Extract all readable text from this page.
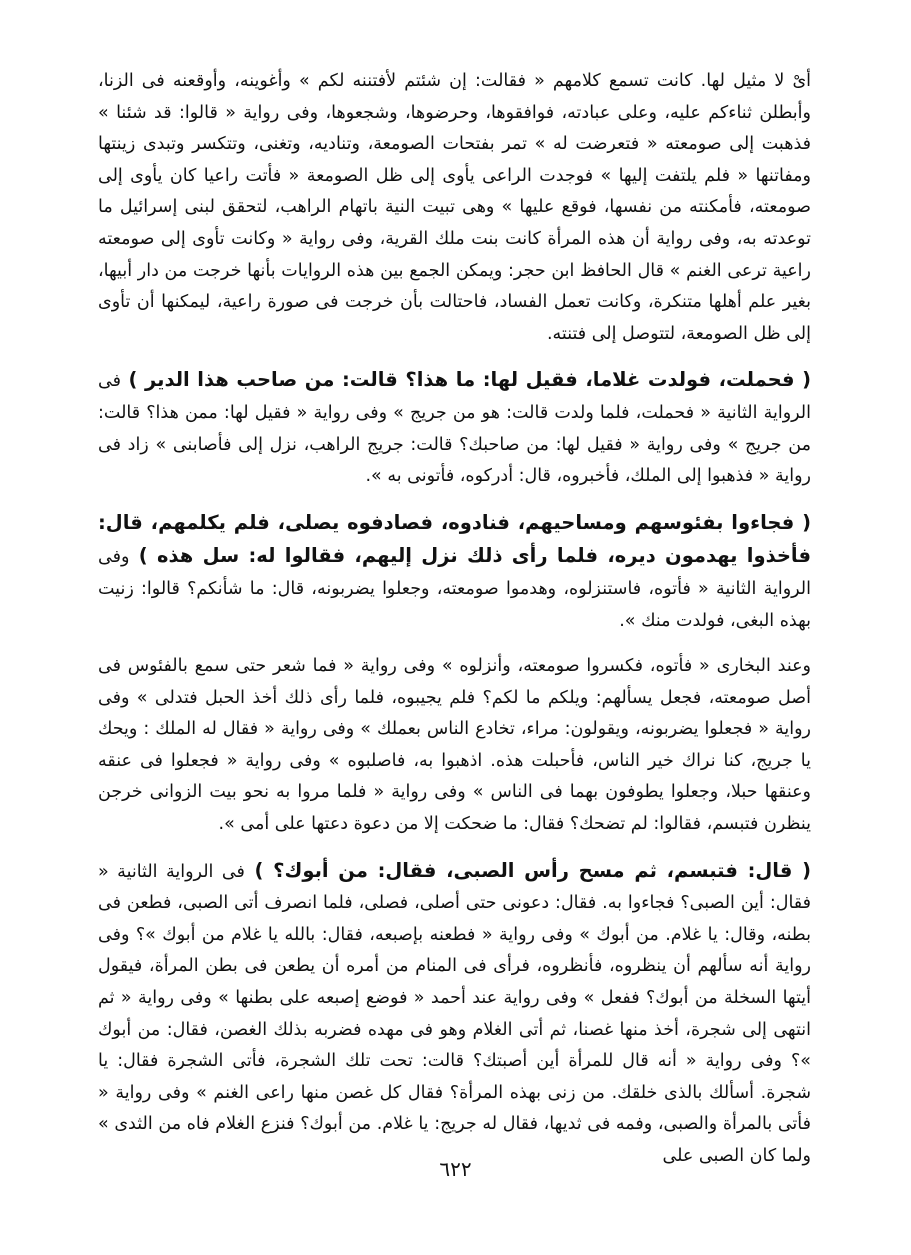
أىْ لا مثيل لها. كانت تسمع كلامهم « فقالت: إن شئتم لأفتننه لكم » وأغوينه، وأوقعنه فى الزنا، وأبطلن ثناءكم عليه، وعلى عبادته، فوافقوها، وحرضوها، وشجعوها، وفى رواية « قالوا: قد شئنا » فذهبت إلى صومعته « فتعرضت له » تمر بفتحات الصومعة، وتناديه، وتغنى، وتتكسر وتبدى زينتها ومفاتنها « فلم يلتفت إليها » فوجدت الراعى يأوى إلى ظل الصومعة « فأتت راعيا كان يأوى إلى صومعته، فأمكنته من نفسها، فوقع عليها » وهى تبيت النية باتهام الراهب، لتحقق لبنى إسرائيل ما توعدته به، وفى رواية أن هذه المرأة كانت بنت ملك القرية، وفى رواية « وكانت تأوى إلى صومعته راعية ترعى الغنم » قال الحافظ ابن حجر: ويمكن الجمع بين هذه الروايات بأنها خرجت من دار أبيها، بغير علم أهلها متنكرة، وكانت تعمل الفساد، فاحتالت بأن خرجت فى صورة راعية، ليمكنها أن تأوى إلى ظل الصومعة، لتتوصل إلى فتنته.

( فحملت، فولدت غلاما، فقيل لها: ما هذا؟ قالت: من صاحب هذا الدير ) فى الرواية الثانية « فحملت، فلما ولدت قالت: هو من جريج » وفى رواية « فقيل لها: ممن هذا؟ قالت: من جريج » وفى رواية « فقيل لها: من صاحبك؟ قالت: جريج الراهب، نزل إلى فأصابنى » زاد فى رواية « فذهبوا إلى الملك، فأخبروه، قال: أدركوه، فأتونى به ».

( فجاءوا بفئوسهم ومساحيهم، فنادوه، فصادفوه يصلى، فلم يكلمهم، قال: فأخذوا يهدمون ديره، فلما رأى ذلك نزل إليهم، فقالوا له: سل هذه ) وفى الرواية الثانية « فأتوه، فاستنزلوه، وهدموا صومعته، وجعلوا يضربونه، قال: ما شأنكم؟ قالوا: زنيت بهذه البغى، فولدت منك ».

وعند البخارى « فأتوه، فكسروا صومعته، وأنزلوه » وفى رواية « فما شعر حتى سمع بالفئوس فى أصل صومعته، فجعل يسألهم: ويلكم ما لكم؟ فلم يجيبوه، فلما رأى ذلك أخذ الحبل فتدلى » وفى رواية « فجعلوا يضربونه، ويقولون: مراء، تخادع الناس بعملك » وفى رواية « فقال له الملك : ويحك يا جريج، كنا نراك خير الناس، فأحبلت هذه. اذهبوا به، فاصلبوه » وفى رواية « فجعلوا فى عنقه وعنقها حبلا، وجعلوا يطوفون بهما فى الناس » وفى رواية « فلما مروا به نحو بيت الزوانى خرجن ينظرن فتبسم، فقالوا: لم تضحك؟ فقال: ما ضحكت إلا من دعوة دعتها على أمى ».

( قال: فتبسم، ثم مسح رأس الصبى، فقال: من أبوك؟ ) فى الرواية الثانية « فقال: أين الصبى؟ فجاءوا به. فقال: دعونى حتى أصلى، فصلى، فلما انصرف أتى الصبى، فطعن فى بطنه، وقال: يا غلام. من أبوك » وفى رواية « فطعنه بإصبعه، فقال: بالله يا غلام من أبوك »؟ وفى رواية أنه سألهم أن ينظروه، فأنظروه، فرأى فى المنام من أمره أن يطعن فى بطن المرأة، فيقول أيتها السخلة من أبوك؟ ففعل » وفى رواية عند أحمد « فوضع إصبعه على بطنها » وفى رواية « ثم انتهى إلى شجرة، أخذ منها غصنا، ثم أتى الغلام وهو فى مهده فضربه بذلك الغصن، فقال: من أبوك »؟ وفى رواية « أنه قال للمرأة أين أصبتك؟ قالت: تحت تلك الشجرة، فأتى الشجرة فقال: يا شجرة. أسألك بالذى خلقك. من زنى بهذه المرأة؟ فقال كل غصن منها راعى الغنم » وفى رواية « فأتى بالمرأة والصبى، وفمه فى ثديها، فقال له جريج: يا غلام. من أبوك؟ فنزع الغلام فاه من الثدى » ولما كان الصبى على

٦٢٢
